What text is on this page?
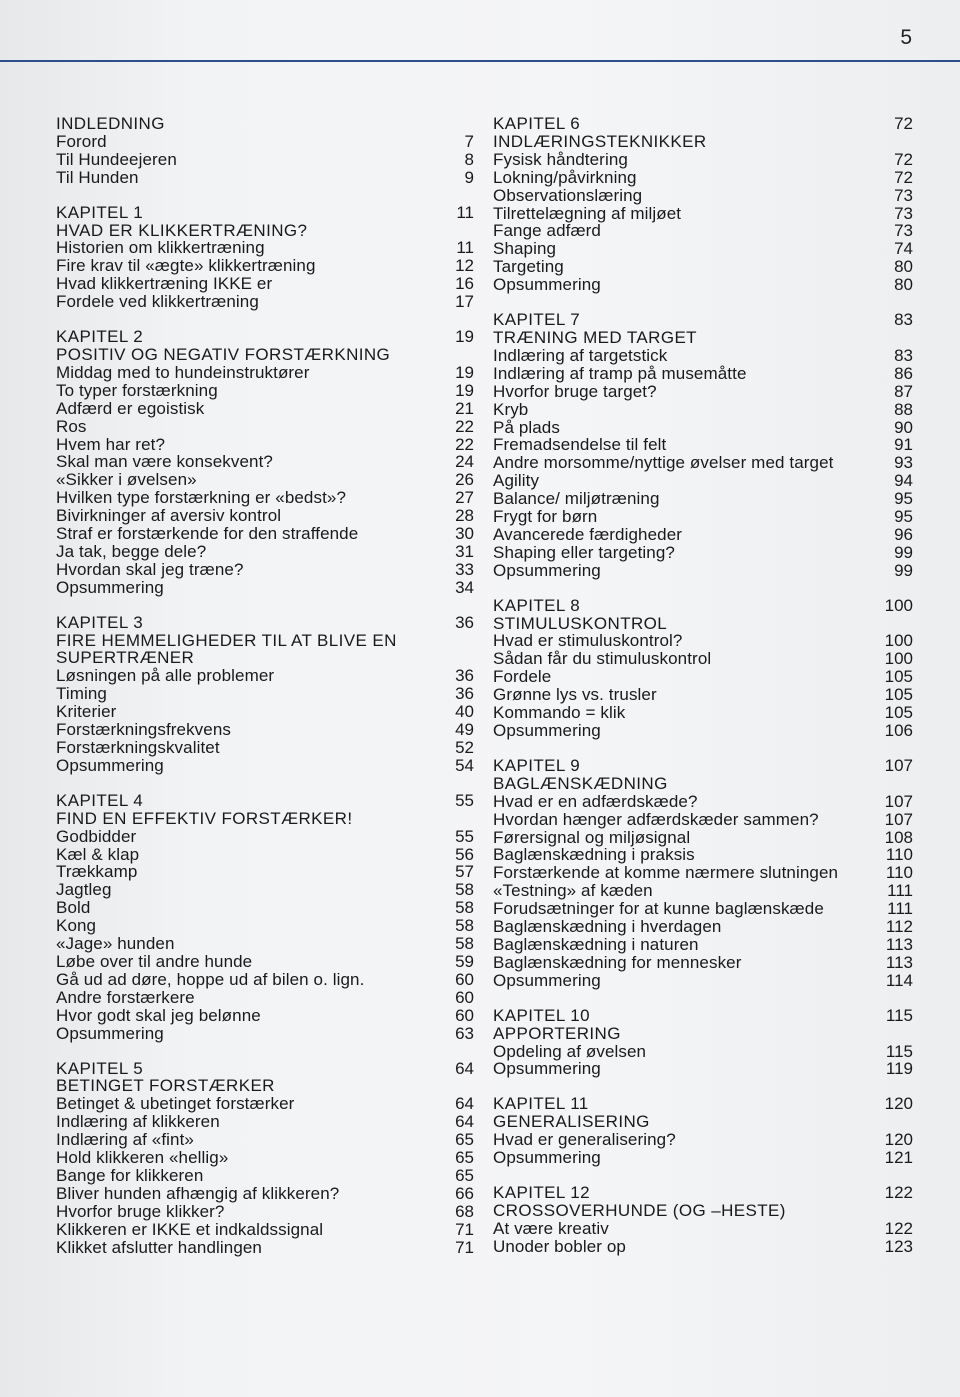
5
INDLEDNING
Forord	7
Til Hundeejeren	8
Til Hunden	9
KAPITEL 1	11
HVAD ER KLIKKERTRÆNING?
Historien om klikkertræning	11
Fire krav til «ægte» klikkertræning	12
Hvad klikkertræning IKKE er	16
Fordele ved klikkertræning	17
KAPITEL 2	19
POSITIV OG NEGATIV FORSTÆRKNING
Middag med to hundeinstruktører	19
To typer forstærkning	19
Adfærd er egoistisk	21
Ros	22
Hvem har ret?	22
Skal man være konsekvent?	24
«Sikker i øvelsen»	26
Hvilken type forstærkning er «bedst»?	27
Bivirkninger af aversiv kontrol	28
Straf er forstærkende for den straffende	30
Ja tak, begge dele?	31
Hvordan skal jeg træne?	33
Opsummering	34
KAPITEL 3	36
FIRE HEMMELIGHEDER TIL AT BLIVE EN SUPERTRÆNER
Løsningen på alle problemer	36
Timing	36
Kriterier	40
Forstærkningsfrekvens	49
Forstærkningskvalitet	52
Opsummering	54
KAPITEL 4	55
FIND EN EFFEKTIV FORSTÆRKER!
Godbidder	55
Kæl & klap	56
Trækkamp	57
Jagtleg	58
Bold	58
Kong	58
«Jage» hunden	58
Løbe over til andre hunde	59
Gå ud ad døre, hoppe ud af bilen o. lign.	60
Andre forstærkere	60
Hvor godt skal jeg belønne	60
Opsummering	63
KAPITEL 5	64
BETINGET FORSTÆRKER
Betinget & ubetinget forstærker	64
Indlæring af klikkeren	64
Indlæring af «fint»	65
Hold klikkeren «hellig»	65
Bange for klikkeren	65
Bliver hunden afhængig af klikkeren?	66
Hvorfor bruge klikker?	68
Klikkeren er IKKE et indkaldssignal	71
Klikket afslutter handlingen	71
KAPITEL 6	72
INDLÆRINGSTEKNIKKER
Fysisk håndtering	72
Lokning/påvirkning	72
Observationslæring	73
Tilrettelægning af miljøet	73
Fange adfærd	73
Shaping	74
Targeting	80
Opsummering	80
KAPITEL 7	83
TRÆNING MED TARGET
Indlæring af targetstick	83
Indlæring af tramp på musemåtte	86
Hvorfor bruge target?	87
Kryb	88
På plads	90
Fremadsendelse til felt	91
Andre morsomme/nyttige øvelser med target	93
Agility	94
Balance/ miljøtræning	95
Frygt for børn	95
Avancerede færdigheder	96
Shaping eller targeting?	99
Opsummering	99
KAPITEL 8	100
STIMULUSKONTROL
Hvad er stimuluskontrol?	100
Sådan får du stimuluskontrol	100
Fordele	105
Grønne lys vs. trusler	105
Kommando = klik	105
Opsummering	106
KAPITEL 9	107
BAGLÆNSKÆDNING
Hvad er en adfærdskæde?	107
Hvordan hænger adfærdskæder sammen?	107
Førersignal og miljøsignal	108
Baglænskædning i praksis	110
Forstærkende at komme nærmere slutningen	110
«Testning» af kæden	111
Forudsætninger for at kunne baglænskæde	111
Baglænskædning i hverdagen	112
Baglænskædning i naturen	113
Baglænskædning for mennesker	113
Opsummering	114
KAPITEL 10	115
APPORTERING
Opdeling af øvelsen	115
Opsummering	119
KAPITEL 11	120
GENERALISERING
Hvad er generalisering?	120
Opsummering	121
KAPITEL 12	122
CROSSOVERHUNDE (OG –HESTE)
At være kreativ	122
Unoder bobler op	123
